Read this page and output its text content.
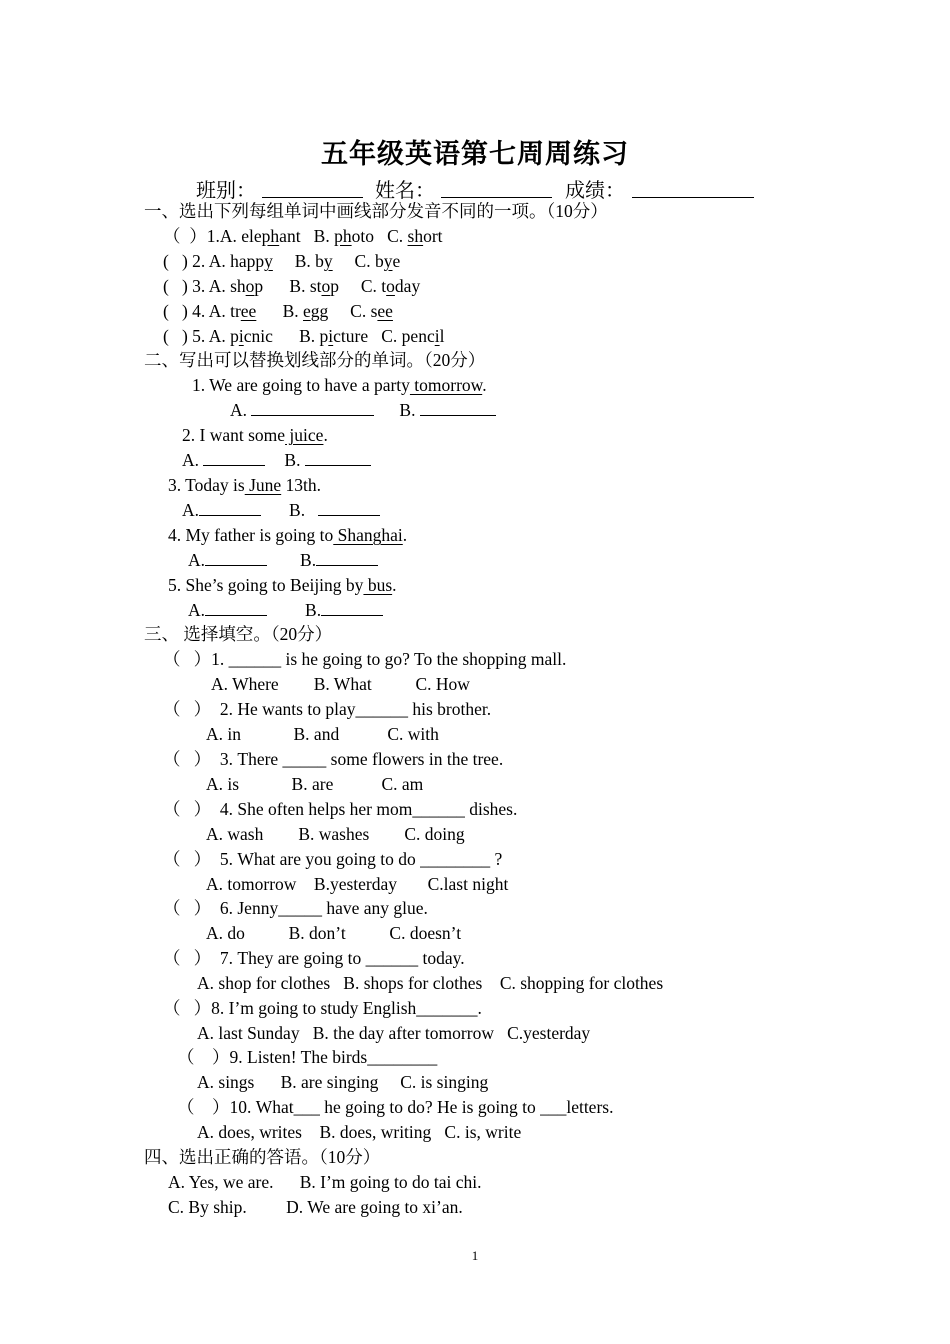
五年级英语第七周周练习
班别：	姓名：	成绩：
一、选出下列每组单词中画线部分发音不同的一项。（10分）
（  ）1.A. elephant   B. photo   C. short
(   ) 2. A. happy     B. by     C. bye
(   ) 3. A. shop      B. stop     C. today
(   ) 4. A. tree      B. egg     C. see
(   ) 5. A. picnic      B. picture   C. pencil
二、写出可以替换划线部分的单词。（20分）
1. We are going to have a party tomorrow.
A.	B.
2. I want some juice.
A.	B.
3. Today is June 13th.
A.	B.
4. My father is going to Shanghai.
A.	B.
5. She’s going to Beijing by bus.
A.	B.
三、 选择填空。（20分）
（   ）1. ______ is he going to go? To the shopping mall.
A. Where        B. What          C. How
（   ）  2. He wants to play______ his brother.
A. in            B. and           C. with
（   ）  3. There _____ some flowers in the tree.
A. is            B. are           C. am
（   ）  4. She often helps her mom______ dishes.
A. wash        B. washes        C. doing
（   ）  5. What are you going to do ________ ?
A. tomorrow    B.yesterday       C.last night
（   ）  6. Jenny_____ have any glue.
A. do          B. don’t          C. doesn’t
（   ）  7. They are going to ______ today.
A. shop for clothes   B. shops for clothes    C. shopping for clothes
（   ）8. I’m going to study English_______.
A. last Sunday   B. the day after tomorrow   C.yesterday
（    ）9. Listen! The birds________
A. sings      B. are singing     C. is singing
（    ）10. What___ he going to do? He is going to ___letters.
A. does, writes    B. does, writing   C. is, write
四、选出正确的答语。（10分）
A. Yes, we are.      B. I’m going to do tai chi.
C. By ship.         D. We are going to xi’an.
1
